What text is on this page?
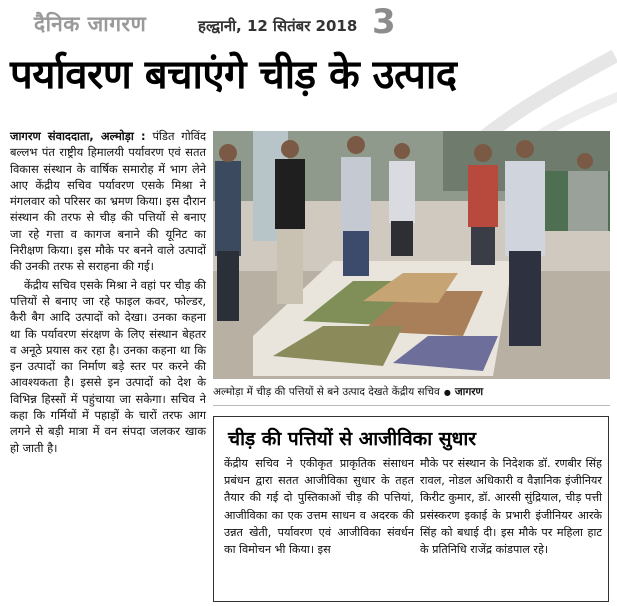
दैनिक जागरण	हल्द्वानी, 12 सितंबर 2018 3
पर्यावरण बचाएंगे चीड़ के उत्पाद

जागरण संवाददाता, अल्मोड़ा : पंडित गोविंद बल्लभ पंत राष्ट्रीय हिमालयी पर्यावरण एवं सतत विकास संस्थान के वार्षिक समारोह में भाग लेने आए केंद्रीय सचिव पर्यावरण एसके मिश्रा ने मंगलवार को परिसर का भ्रमण किया। इस दौरान संस्थान की तरफ से चीड़ की पत्तियों से बनाए जा रहे गत्ता व कागज बनाने की यूनिट का निरीक्षण किया। इस मौके पर बनने वाले उत्पादों की उनकी तरफ से सराहना की गई।

केंद्रीय सचिव एसके मिश्रा ने वहां पर चीड़ की पत्तियों से बनाए जा रहे फाइल कवर, फोल्डर, कैरी बैग आदि उत्पादों को देखा। उनका कहना था कि पर्यावरण संरक्षण के लिए संस्थान बेहतर व अनूठे प्रयास कर रहा है। उनका कहना था कि इन उत्पादों का निर्माण बड़े स्तर पर करने की आवश्यकता है। इससे इन उत्पादों को देश के विभिन्न हिस्सों में पहुंचाया जा सकेगा। सचिव ने कहा कि गर्मियों में पहाड़ों के चारों तरफ आग लगने से बड़ी मात्रा में वन संपदा जलकर खाक हो जाती है।

अल्मोड़ा में चीड़ की पत्तियों से बने उत्पाद देखते केंद्रीय सचिव ● जागरण
चीड़ की पत्तियों से आजीविका सुधार
केंद्रीय सचिव ने एकीकृत प्राकृतिक संसाधन प्रबंधन द्वारा सतत आजीविका सुधार के तहत तैयार की गई दो पुस्तिकाओं चीड़ की पत्तियां, आजीविका का एक उत्तम साधन व अदरक की उन्नत खेती, पर्यावरण एवं आजीविका संवर्धन का विमोचन भी किया। इस
मौके पर संस्थान के निदेशक डॉ. रणबीर सिंह रावल, नोडल अधिकारी व वैज्ञानिक इंजीनियर किरीट कुमार, डॉ. आरसी सुंद्रियाल, चीड़ पत्ती प्रसंस्करण इकाई के प्रभारी इंजीनियर आरके सिंह को बधाई दी। इस मौके पर महिला हाट के प्रतिनिधि राजेंद्र कांडपाल रहे।
